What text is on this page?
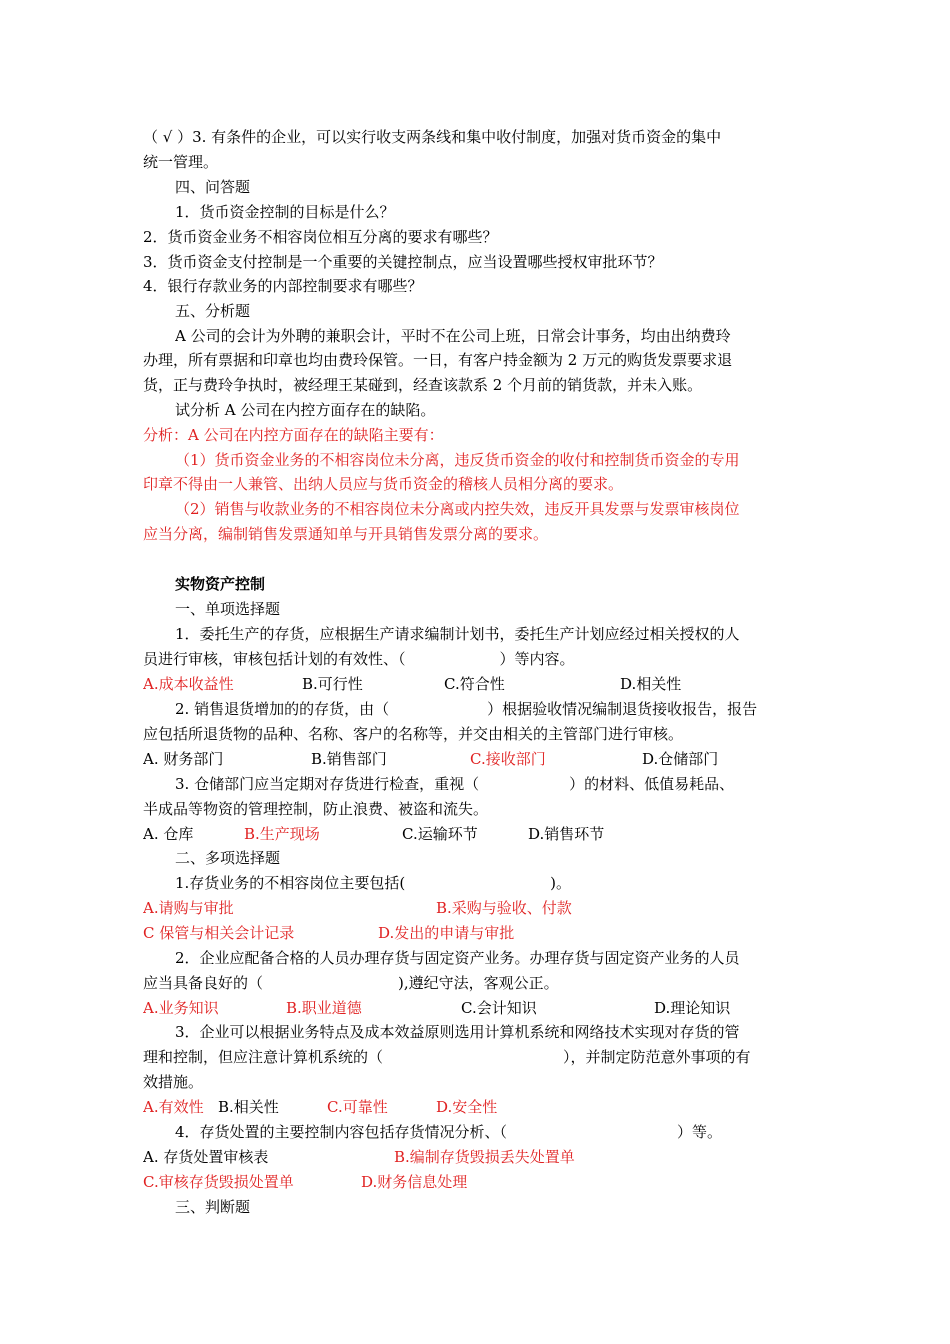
（ √ ）3. 有条件的企业，可以实行收支两条线和集中收付制度，加强对货币资金的集中
统一管理。
四、问答题
1．货币资金控制的目标是什么？
2．货币资金业务不相容岗位相互分离的要求有哪些？
3．货币资金支付控制是一个重要的关键控制点，应当设置哪些授权审批环节？
4．银行存款业务的内部控制要求有哪些？
五、分析题
A 公司的会计为外聘的兼职会计，平时不在公司上班，日常会计事务，均由出纳费玲
办理，所有票据和印章也均由费玲保管。一日，有客户持金额为 2 万元的购货发票要求退
货，正与费玲争执时，被经理王某碰到，经查该款系 2 个月前的销货款，并未入账。
试分析 A 公司在内控方面存在的缺陷。
分析：A 公司在内控方面存在的缺陷主要有：
（1）货币资金业务的不相容岗位未分离，违反货币资金的收付和控制货币资金的专用
印章不得由一人兼管、出纳人员应与货币资金的稽核人员相分离的要求。
（2）销售与收款业务的不相容岗位未分离或内控失效，违反开具发票与发票审核岗位
应当分离，编制销售发票通知单与开具销售发票分离的要求。
实物资产控制
一、单项选择题
1．委托生产的存货，应根据生产请求编制计划书，委托生产计划应经过相关授权的人
员进行审核，审核包括计划的有效性、（	）等内容。
A.成本收益性	B.可行性	C.符合性	D.相关性
2. 销售退货增加的的存货，由（	）根据验收情况编制退货接收报告，报告
应包括所退货物的品种、名称、客户的名称等，并交由相关的主管部门进行审核。
A. 财务部门	B.销售部门	C.接收部门	D.仓储部门
3. 仓储部门应当定期对存货进行检查，重视（	）的材料、低值易耗品、
半成品等物资的管理控制，防止浪费、被盗和流失。
A. 仓库	B.生产现场	C.运输环节	D.销售环节
二、多项选择题
1.存货业务的不相容岗位主要包括(	)。
A.请购与审批	B.采购与验收、付款
C 保管与相关会计记录	D.发出的申请与审批
2．企业应配备合格的人员办理存货与固定资产业务。办理存货与固定资产业务的人员
应当具备良好的（	),遵纪守法，客观公正。
A.业务知识	B.职业道德	C.会计知识	D.理论知识
3．企业可以根据业务特点及成本效益原则选用计算机系统和网络技术实现对存货的管
理和控制，但应注意计算机系统的（	），并制定防范意外事项的有
效措施。
A.有效性 B.相关性	C.可靠性	D.安全性
4．存货处置的主要控制内容包括存货情况分析、（	）等。
A. 存货处置审核表	B.编制存货毁损丢失处置单
C.审核存货毁损处置单	D.财务信息处理
三、判断题
